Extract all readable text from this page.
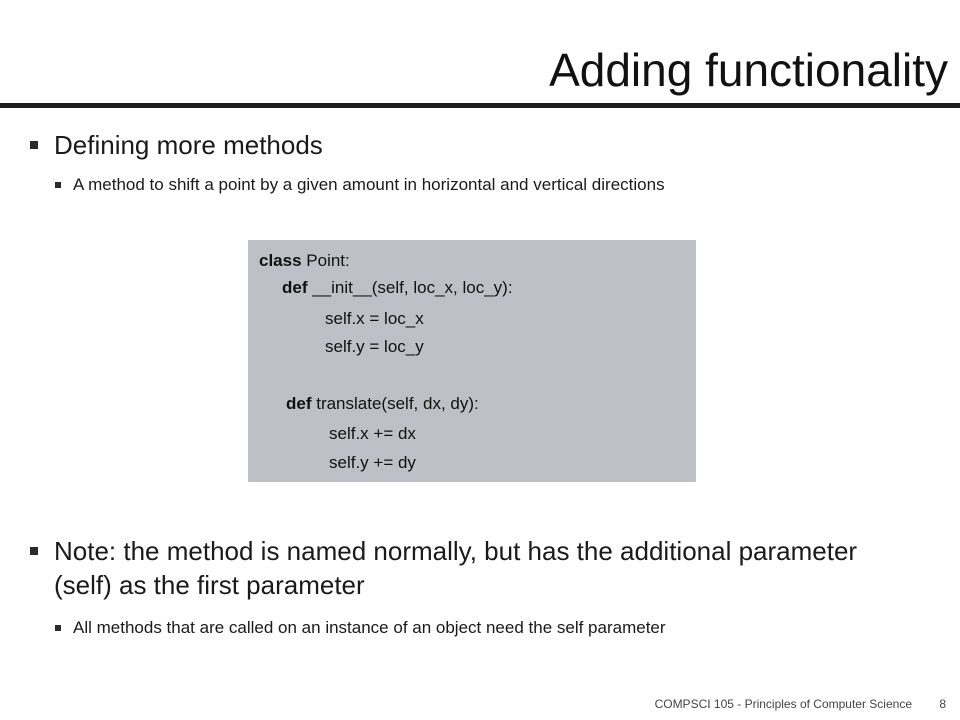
Adding functionality
Defining more methods
A method to shift a point by a given amount in horizontal and vertical directions
class Point:
def __init__(self, loc_x, loc_y):
self.x = loc_x
self.y = loc_y
def translate(self, dx, dy):
self.x += dx
self.y += dy
Note: the method is named normally, but has the additional parameter (self) as the first parameter
All methods that are called on an instance of an object need the self parameter
COMPSCI 105 - Principles of Computer Science 8
